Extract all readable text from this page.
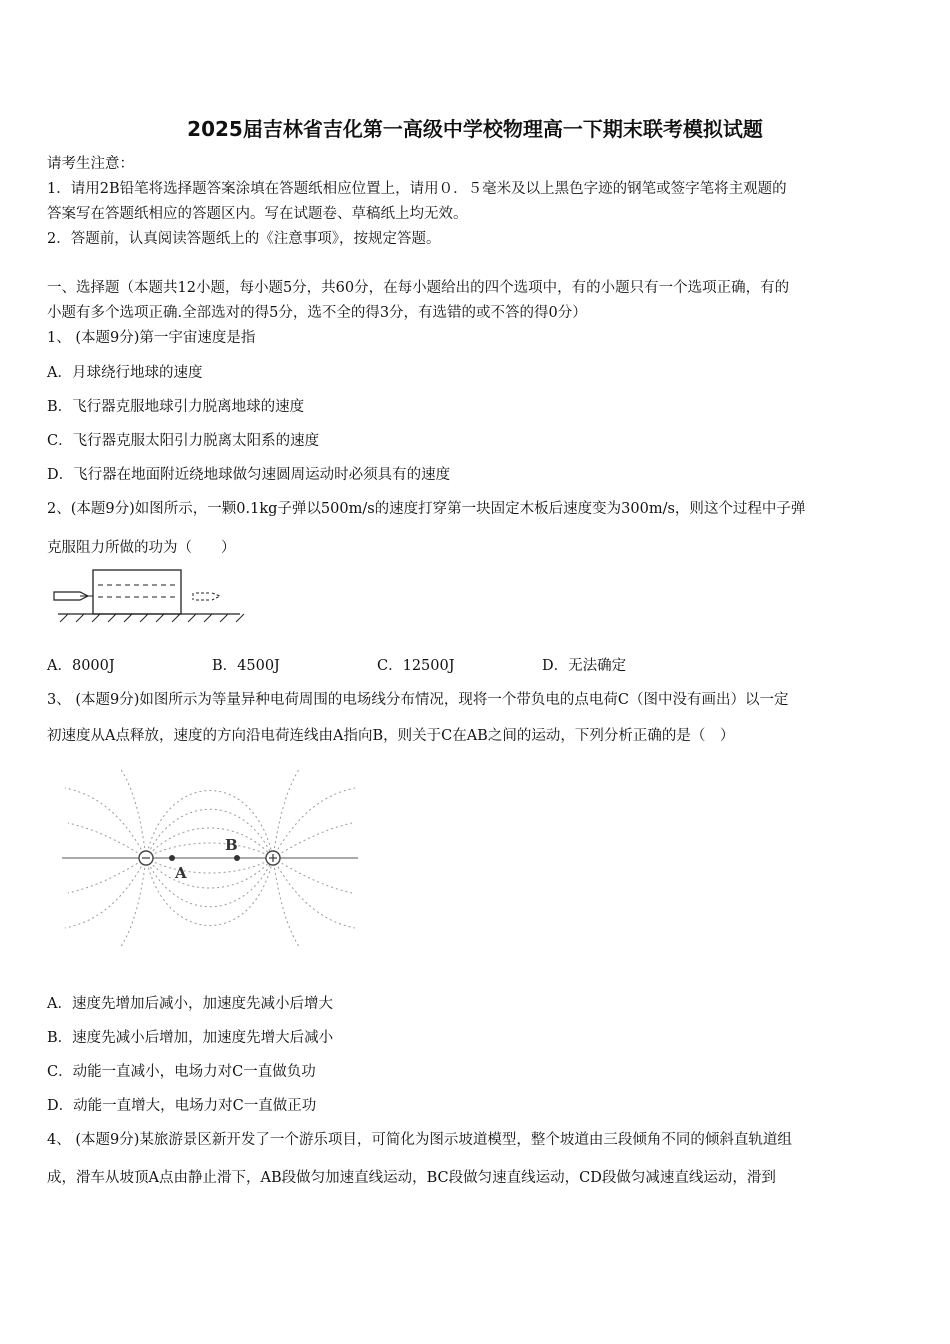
2025届吉林省吉化第一高级中学校物理高一下期末联考模拟试题
请考生注意：
1．请用2B铅笔将选择题答案涂填在答题纸相应位置上，请用０．５毫米及以上黑色字迹的钢笔或签字笔将主观题的
答案写在答题纸相应的答题区内。写在试题卷、草稿纸上均无效。
2．答题前，认真阅读答题纸上的《注意事项》，按规定答题。
一、选择题（本题共12小题，每小题5分，共60分，在每小题给出的四个选项中，有的小题只有一个选项正确，有的
小题有多个选项正确.全部选对的得5分，选不全的得3分，有选错的或不答的得0分）
1、 (本题9分)第一宇宙速度是指
A．月球绕行地球的速度
B．飞行器克服地球引力脱离地球的速度
C．飞行器克服太阳引力脱离太阳系的速度
D．飞行器在地面附近绕地球做匀速圆周运动时必须具有的速度
2、(本题9分)如图所示，一颗0.1kg子弹以500m/s的速度打穿第一块固定木板后速度变为300m/s，则这个过程中子弹
克服阻力所做的功为（　　）
A．8000J	B．4500J	C．12500J	D．无法确定
3、 (本题9分)如图所示为等量异种电荷周围的电场线分布情况，现将一个带负电的点电荷C（图中没有画出）以一定
初速度从A点释放，速度的方向沿电荷连线由A指向B，则关于C在AB之间的运动，下列分析正确的是（　）
A
B
A．速度先增加后减小，加速度先减小后增大
B．速度先减小后增加，加速度先增大后减小
C．动能一直减小，电场力对C一直做负功
D．动能一直增大，电场力对C一直做正功
4、 (本题9分)某旅游景区新开发了一个游乐项目，可简化为图示坡道模型，整个坡道由三段倾角不同的倾斜直轨道组
成，滑车从坡顶A点由静止滑下，AB段做匀加速直线运动，BC段做匀速直线运动，CD段做匀减速直线运动，滑到
